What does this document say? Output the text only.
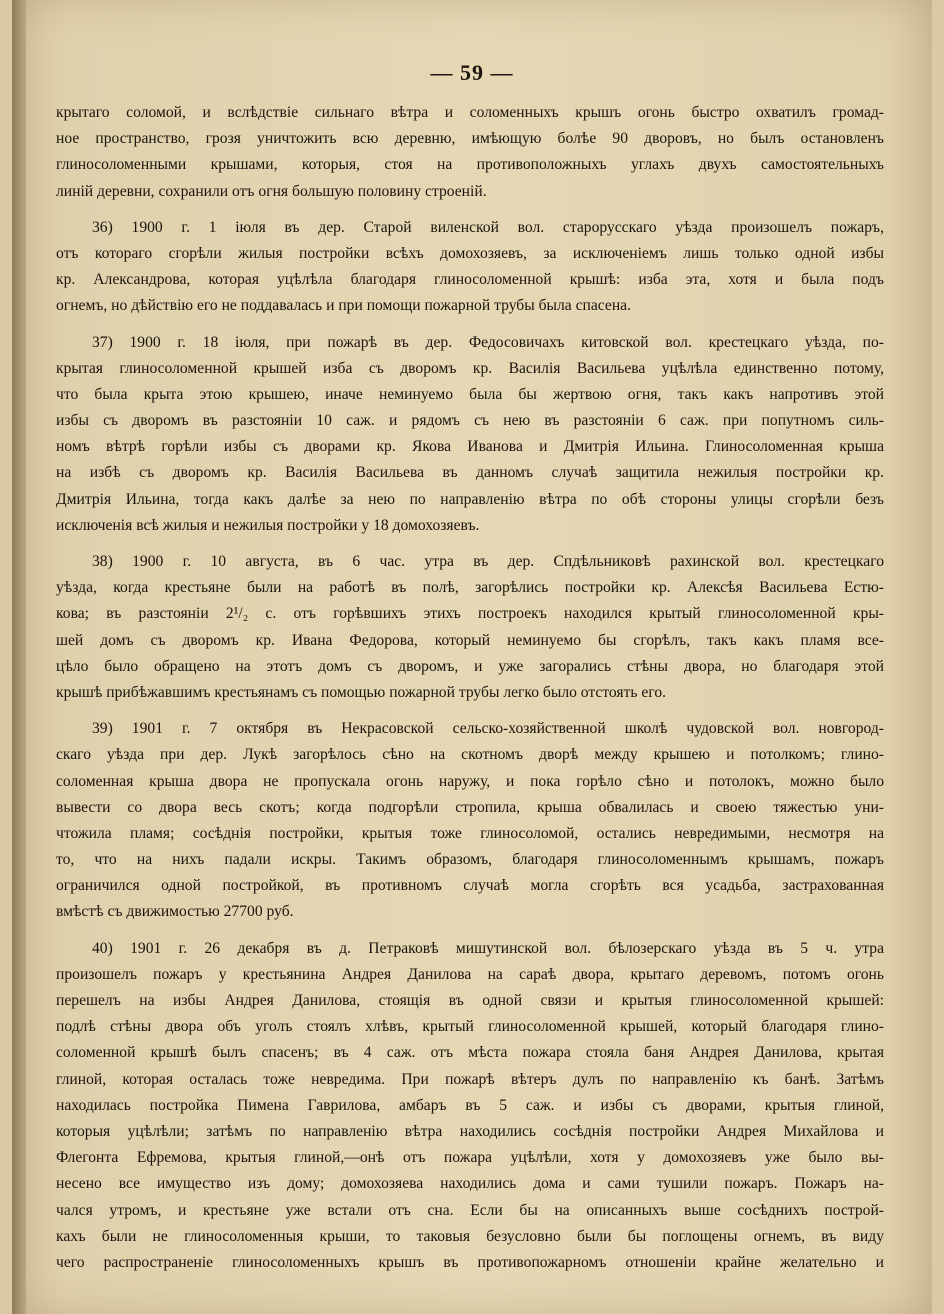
— 59 —
крытаго соломой, и вслѣдствіе сильнаго вѣтра и соломенныхъ крышъ огонь быстро охватилъ громад-
ное пространство, грозя уничтожить всю деревню, имѣющую болѣе 90 дворовъ, но былъ остановленъ
глиносоломенными крышами, которыя, стоя на противоположныхъ углахъ двухъ самостоятельныхъ
линій деревни, сохранили отъ огня большую половину строеній.
36) 1900 г. 1 іюля въ дер. Старой виленской вол. старорусскаго уѣзда произошелъ пожаръ,
отъ котораго сгорѣли жилыя постройки всѣхъ домохозяевъ, за исключеніемъ лишь только одной избы
кр. Александрова, которая уцѣлѣла благодаря глиносоломенной крышѣ: изба эта, хотя и была подъ
огнемъ, но дѣйствію его не поддавалась и при помощи пожарной трубы была спасена.
37) 1900 г. 18 іюля, при пожарѣ въ дер. Федосовичахъ китовской вол. крестецкаго уѣзда, по-
крытая глиносоломенной крышей изба съ дворомъ кр. Василія Васильева уцѣлѣла единственно потому,
что была крыта этою крышею, иначе неминуемо была бы жертвою огня, такъ какъ напротивъ этой
избы съ дворомъ въ разстояніи 10 саж. и рядомъ съ нею въ разстояніи 6 саж. при попутномъ силь-
номъ вѣтрѣ горѣли избы съ дворами кр. Якова Иванова и Дмитрія Ильина. Глиносоломенная крыша
на избѣ съ дворомъ кр. Василія Васильева въ данномъ случаѣ защитила нежилыя постройки кр.
Дмитрія Ильина, тогда какъ далѣе за нею по направленію вѣтра по обѣ стороны улицы сгорѣли безъ
исключенія всѣ жилыя и нежилыя постройки у 18 домохозяевъ.
38) 1900 г. 10 августа, въ 6 час. утра въ дер. Спдѣльниковѣ рахинской вол. крестецкаго
уѣзда, когда крестьяне были на работѣ въ полѣ, загорѣлись постройки кр. Алексѣя Васильева Естю-
кова; въ разстояніи 2¹/₂ с. отъ горѣвшихъ этихъ построекъ находился крытый глиносоломенной кры-
шей домъ съ дворомъ кр. Ивана Федорова, который неминуемо бы сгорѣлъ, такъ какъ пламя все-
цѣло было обращено на этотъ домъ съ дворомъ, и уже загорались стѣны двора, но благодаря этой
крышѣ прибѣжавшимъ крестьянамъ съ помощью пожарной трубы легко было отстоять его.
39) 1901 г. 7 октября въ Некрасовской сельско-хозяйственной школѣ чудовской вол. новгород-
скаго уѣзда при дер. Лукѣ загорѣлось сѣно на скотномъ дворѣ между крышею и потолкомъ; глино-
соломенная крыша двора не пропускала огонь наружу, и пока горѣло сѣно и потолокъ, можно было
вывести со двора весь скотъ; когда подгорѣли стропила, крыша обвалилась и своею тяжестью уни-
чтожила пламя; сосѣднія постройки, крытыя тоже глиносоломой, остались невредимыми, несмотря на
то, что на нихъ падали искры. Такимъ образомъ, благодаря глиносоломеннымъ крышамъ, пожаръ
ограничился одной постройкой, въ противномъ случаѣ могла сгорѣть вся усадьба, застрахованная
вмѣстѣ съ движимостью 27700 руб.
40) 1901 г. 26 декабря въ д. Петраковѣ мишутинской вол. бѣлозерскаго уѣзда въ 5 ч. утра
произошелъ пожаръ у крестьянина Андрея Данилова на сараѣ двора, крытаго деревомъ, потомъ огонь
перешелъ на избы Андрея Данилова, стоящія въ одной связи и крытыя глиносоломенной крышей:
подлѣ стѣны двора объ уголъ стоялъ хлѣвъ, крытый глиносоломенной крышей, который благодаря глино-
соломенной крышѣ былъ спасенъ; въ 4 саж. отъ мѣста пожара стояла баня Андрея Данилова, крытая
глиной, которая осталась тоже невредима. При пожарѣ вѣтеръ дулъ по направленію къ банѣ. Затѣмъ
находилась постройка Пимена Гаврилова, амбаръ въ 5 саж. и избы съ дворами, крытыя глиной,
которыя уцѣлѣли; затѣмъ по направленію вѣтра находились сосѣднія постройки Андрея Михайлова и
Флегонта Ефремова, крытыя глиной,—онѣ отъ пожара уцѣлѣли, хотя у домохозяевъ уже было вы-
несено все имущество изъ дому; домохозяева находились дома и сами тушили пожаръ. Пожаръ на-
чался утромъ, и крестьяне уже встали отъ сна. Если бы на описанныхъ выше сосѣднихъ построй-
кахъ были не глиносоломенныя крыши, то таковыя безусловно были бы поглощены огнемъ, въ виду
чего распространеніе глиносоломенныхъ крышъ въ противопожарномъ отношеніи крайне желательно и
